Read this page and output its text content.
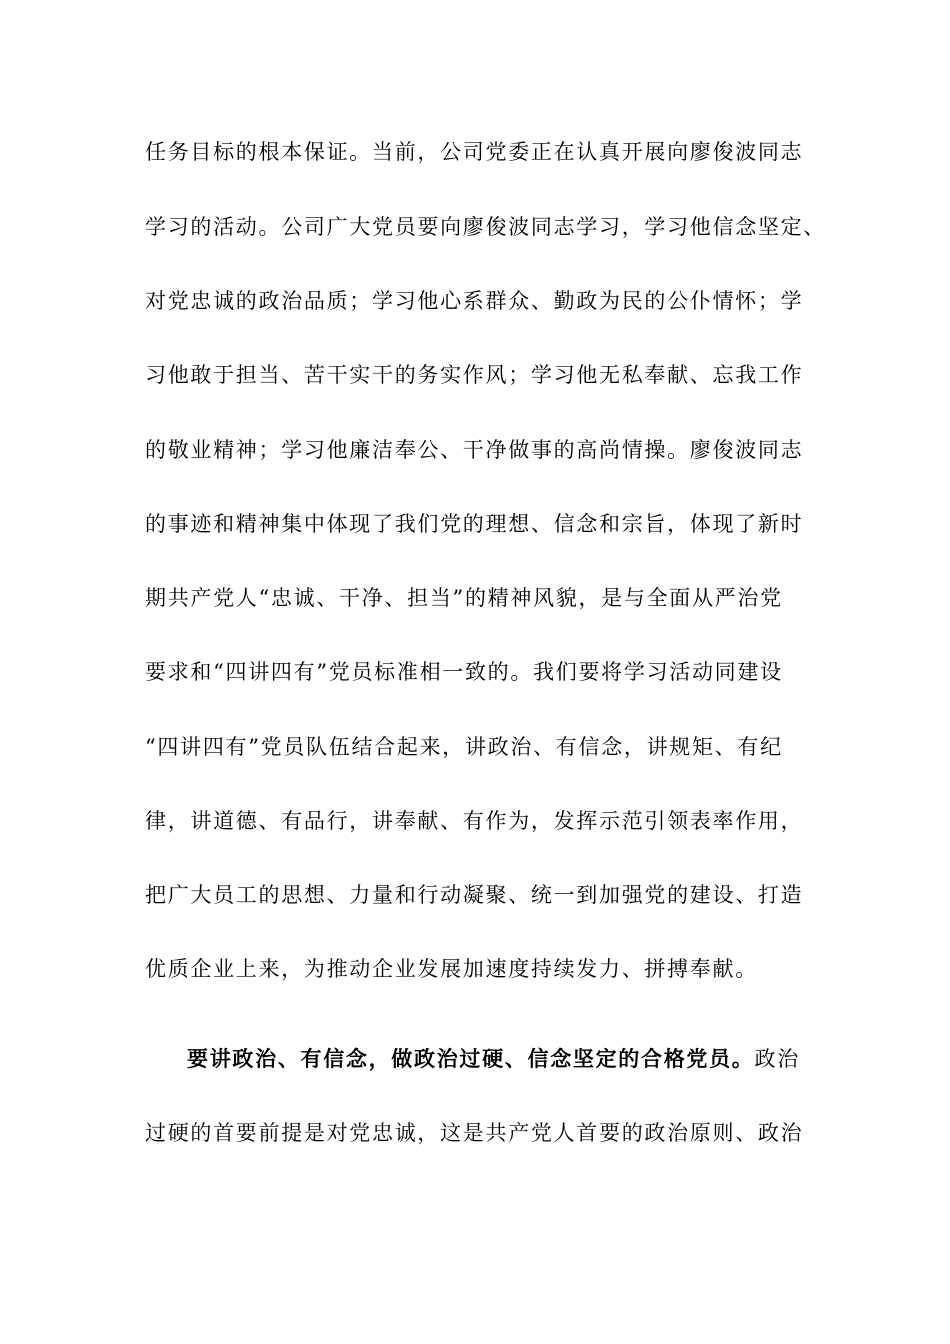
任务目标的根本保证。当前，公司党委正在认真开展向廖俊波同志
学习的活动。公司广大党员要向廖俊波同志学习，学习他信念坚定、
对党忠诚的政治品质；学习他心系群众、勤政为民的公仆情怀；学
习他敢于担当、苦干实干的务实作风；学习他无私奉献、忘我工作
的敬业精神；学习他廉洁奉公、干净做事的高尚情操。廖俊波同志
的事迹和精神集中体现了我们党的理想、信念和宗旨，体现了新时
期共产党人“忠诚、干净、担当”的精神风貌，是与全面从严治党
要求和“四讲四有”党员标准相一致的。我们要将学习活动同建设
“四讲四有”党员队伍结合起来，讲政治、有信念，讲规矩、有纪
律，讲道德、有品行，讲奉献、有作为，发挥示范引领表率作用，
把广大员工的思想、力量和行动凝聚、统一到加强党的建设、打造
优质企业上来，为推动企业发展加速度持续发力、拼搏奉献。
要讲政治、有信念，做政治过硬、信念坚定的合格党员。政治
过硬的首要前提是对党忠诚，这是共产党人首要的政治原则、政治
